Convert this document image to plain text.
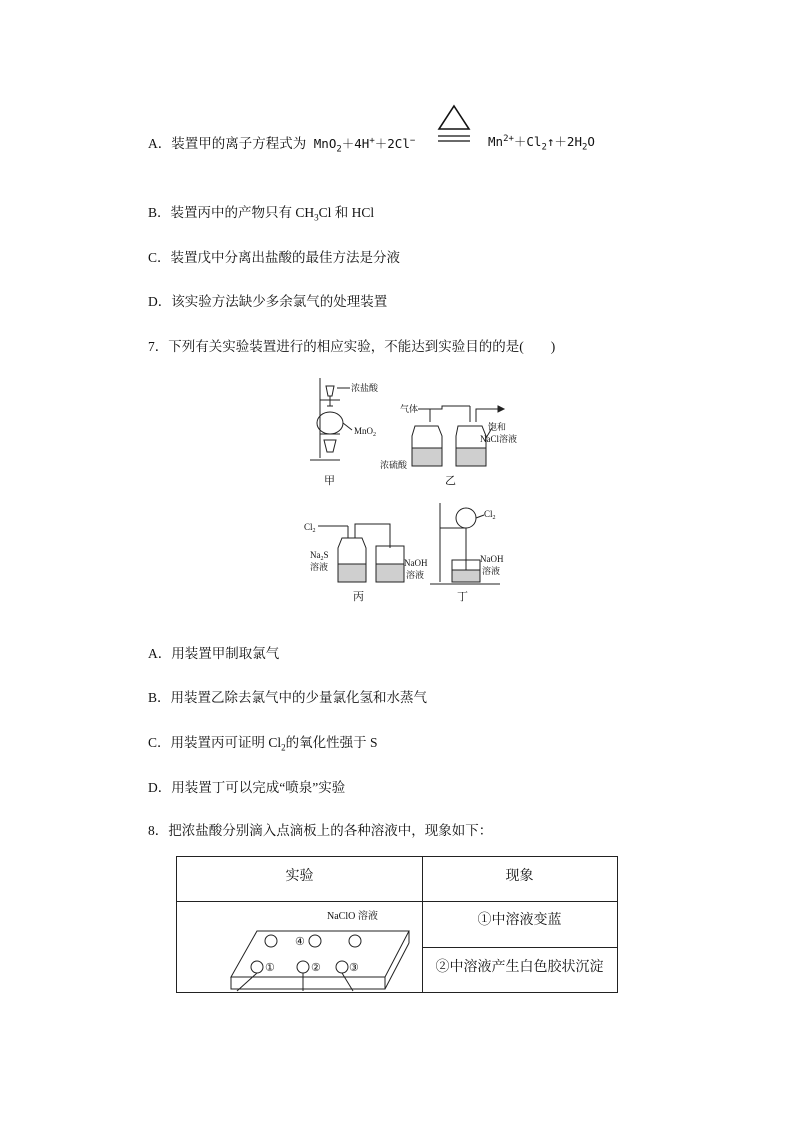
A．装置甲的离子方程式为 MnO$_2$＋4H+＋2Cl−	$Mn^{2+}+Cl_2↑+2H_2O$
B．装置丙中的产物只有 $CH_3Cl$ 和 HCl
C．装置戊中分离出盐酸的最佳方法是分液
D．该实验方法缺少多余氯气的处理装置
7．下列有关实验装置进行的相应实验，不能达到实验目的的是(　　)
浓盐酸
MnO$_2$
甲
气体
饱和
NaCl溶液
浓硫酸
乙
$Cl_2$
$Na_2S$
溶液	NaOH
溶液
丙
$Cl_2$
NaOH
溶液
丁
A．用装置甲制取氯气
B．用装置乙除去氯气中的少量氯化氢和水蒸气
C．用装置丙可证明 $Cl_2$的氧化性强于 S
D．用装置丁可以完成“喷泉”实验
8．把浓盐酸分别滴入点滴板上的各种溶液中，现象如下：
实验	现象
①中溶液变蓝
②中溶液产生白色胶状沉淀
NaClO 溶液
④
①	②	③
